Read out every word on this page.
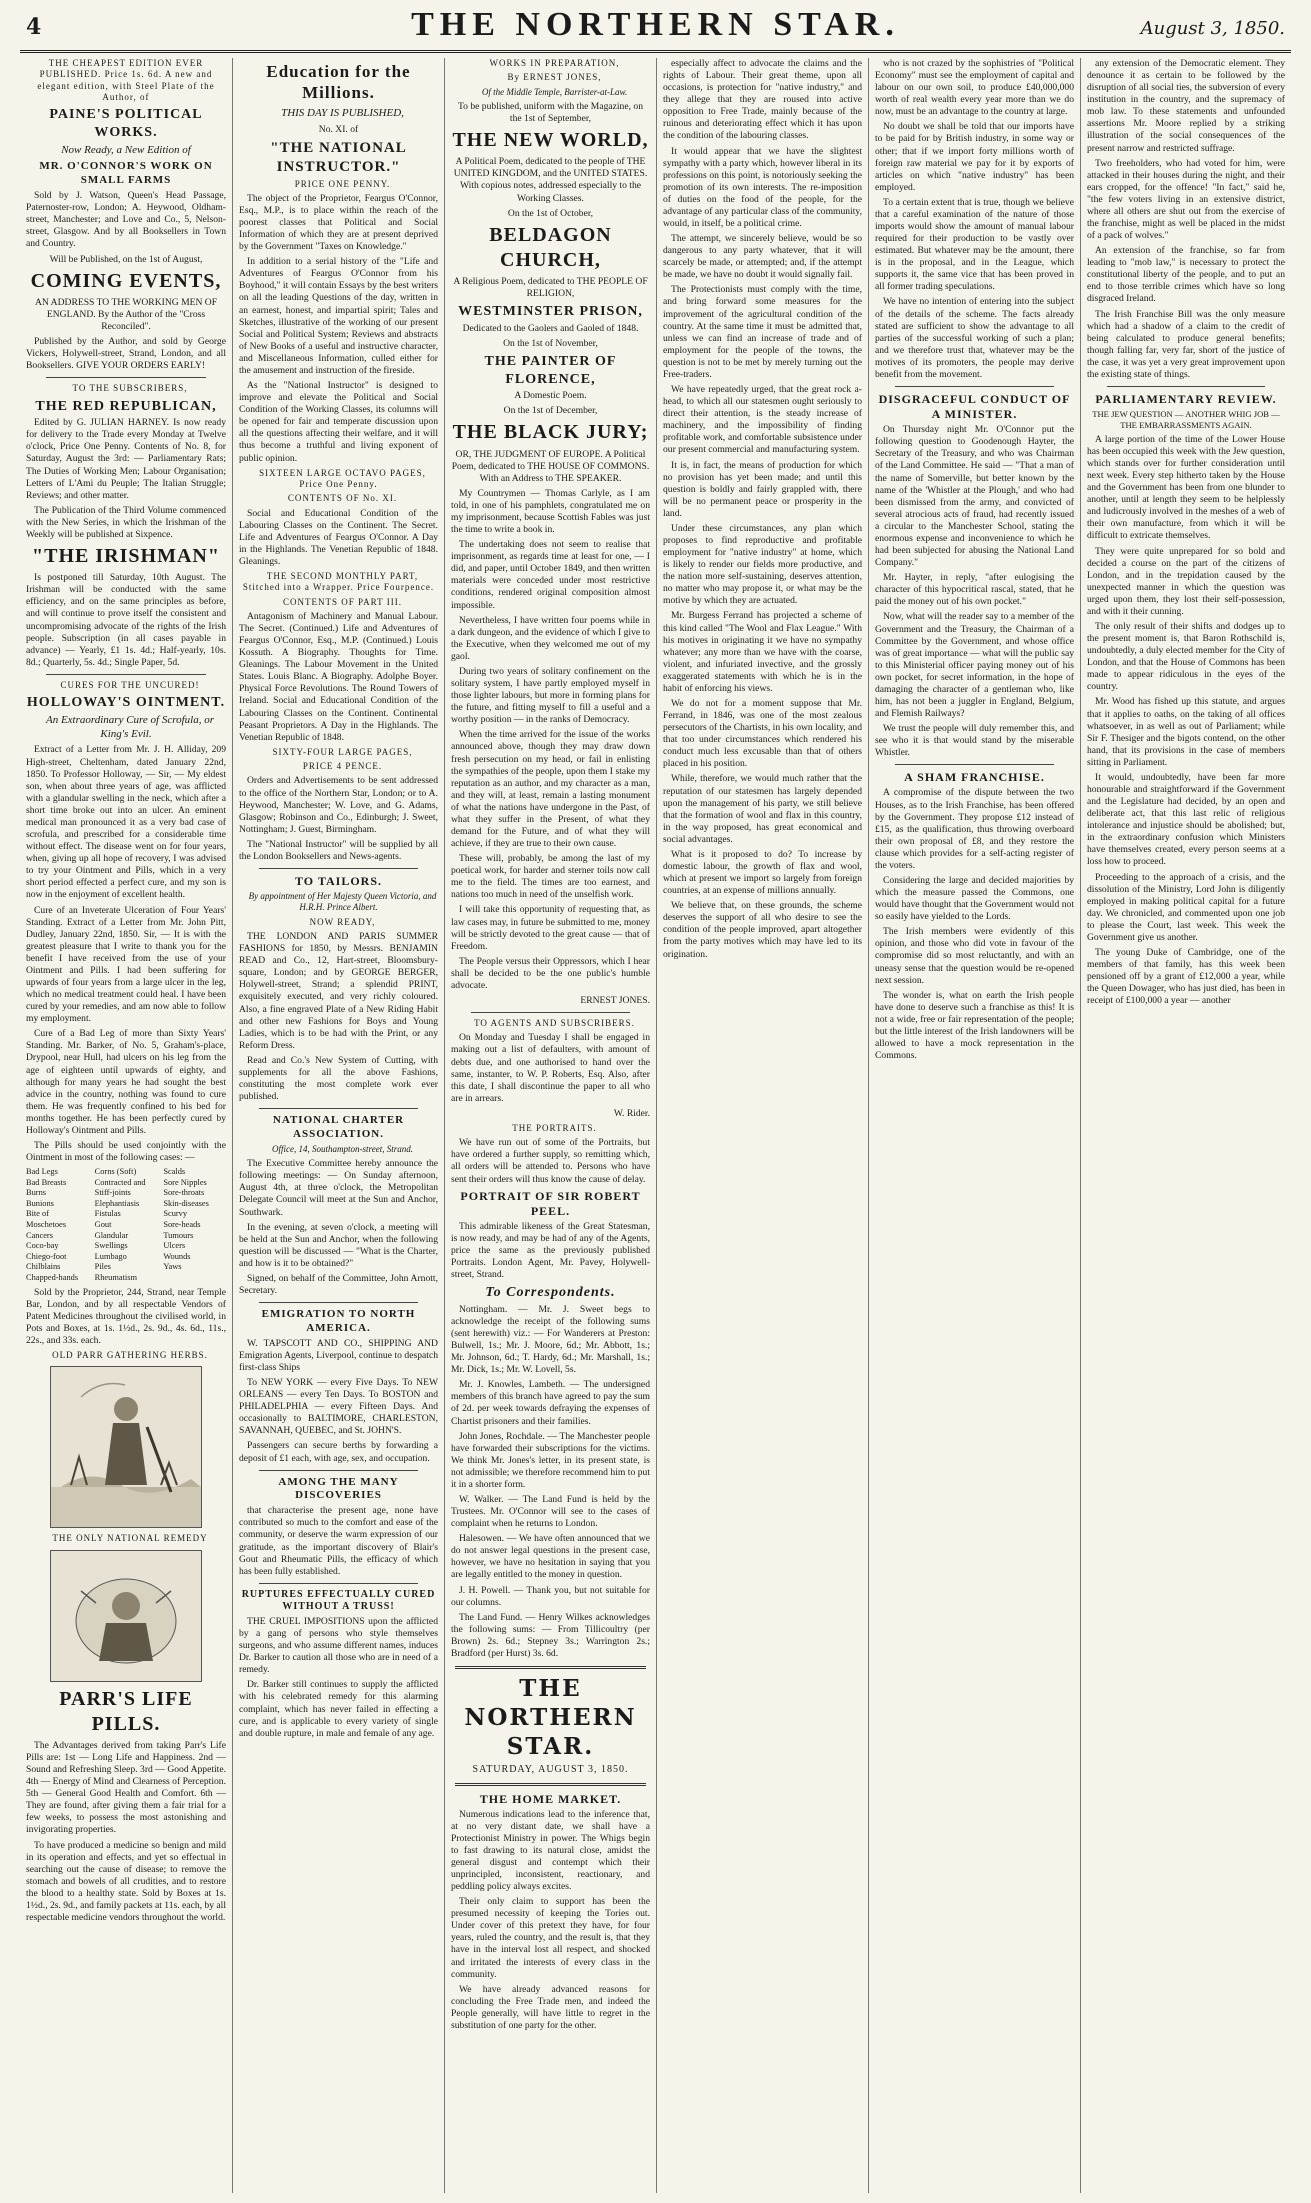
4	THE NORTHERN STAR.	August 3, 1850.

THE CHEAPEST EDITION EVER PUBLISHED. Price 1s. 6d. A new and elegant edition, with Steel Plate of the Author, of

PAINE'S POLITICAL WORKS.

Now Ready, a New Edition of

MR. O'CONNOR'S WORK ON SMALL FARMS

Sold by J. Watson, Queen's Head Passage, Paternoster-row, London; A. Heywood, Oldham-street, Manchester; and Love and Co., 5, Nelson-street, Glasgow. And by all Booksellers in Town and Country.

Will be Published, on the 1st of August,

COMING EVENTS,

AN ADDRESS TO THE WORKING MEN OF ENGLAND. By the Author of the "Cross Reconciled".

Published by the Author, and sold by George Vickers, Holywell-street, Strand, London, and all Booksellers. GIVE YOUR ORDERS EARLY!

TO THE SUBSCRIBERS,

THE RED REPUBLICAN,

Edited by G. JULIAN HARNEY. Is now ready for delivery to the Trade every Monday at Twelve o'clock, Price One Penny. Contents of No. 8, for Saturday, August the 3rd: — Parliamentary Rats; The Duties of Working Men; Labour Organisation; Letters of L'Ami du Peuple; The Italian Struggle; Reviews; and other matter.

The Publication of the Third Volume commenced with the New Series, in which the Irishman of the Weekly will be published at Sixpence.

"THE IRISHMAN"

Is postponed till Saturday, 10th August. The Irishman will be conducted with the same efficiency, and on the same principles as before, and will continue to prove itself the consistent and uncompromising advocate of the rights of the Irish people. Subscription (in all cases payable in advance) — Yearly, £1 1s. 4d.; Half-yearly, 10s. 8d.; Quarterly, 5s. 4d.; Single Paper, 5d.

CURES FOR THE UNCURED!

HOLLOWAY'S OINTMENT.

An Extraordinary Cure of Scrofula, or King's Evil.

Extract of a Letter from Mr. J. H. Alliday, 209 High-street, Cheltenham, dated January 22nd, 1850. To Professor Holloway, — Sir, — My eldest son, when about three years of age, was afflicted with a glandular swelling in the neck, which after a short time broke out into an ulcer. An eminent medical man pronounced it as a very bad case of scrofula, and prescribed for a considerable time without effect. The disease went on for four years, when, giving up all hope of recovery, I was advised to try your Ointment and Pills, which in a very short period effected a perfect cure, and my son is now in the enjoyment of excellent health.

Cure of an Inveterate Ulceration of Four Years' Standing. Extract of a Letter from Mr. John Pitt, Dudley, January 22nd, 1850. Sir, — It is with the greatest pleasure that I write to thank you for the benefit I have received from the use of your Ointment and Pills. I had been suffering for upwards of four years from a large ulcer in the leg, which no medical treatment could heal. I have been cured by your remedies, and am now able to follow my employment.

Cure of a Bad Leg of more than Sixty Years' Standing. Mr. Barker, of No. 5, Graham's-place, Drypool, near Hull, had ulcers on his leg from the age of eighteen until upwards of eighty, and although for many years he had sought the best advice in the country, nothing was found to cure them. He was frequently confined to his bed for months together. He has been perfectly cured by Holloway's Ointment and Pills.

The Pills should be used conjointly with the Ointment in most of the following cases: —

Bad Legs
Bad Breasts
Burns
Bunions
Bite of Moschetoes
Cancers
Coco-bay
Chiego-foot
Chilblains
Chapped-hands
Corns (Soft)
Contracted and Stiff-joints
Elephantiasis
Fistulas
Gout
Glandular Swellings
Lumbago
Piles
Rheumatism
Scalds
Sore Nipples
Sore-throats
Skin-diseases
Scurvy
Sore-heads
Tumours
Ulcers
Wounds
Yaws

Sold by the Proprietor, 244, Strand, near Temple Bar, London, and by all respectable Vendors of Patent Medicines throughout the civilised world, in Pots and Boxes, at 1s. 1½d., 2s. 9d., 4s. 6d., 11s., 22s., and 33s. each.

OLD PARR GATHERING HERBS.

THE ONLY NATIONAL REMEDY

PARR'S LIFE PILLS.

The Advantages derived from taking Parr's Life Pills are: 1st — Long Life and Happiness. 2nd — Sound and Refreshing Sleep. 3rd — Good Appetite. 4th — Energy of Mind and Clearness of Perception. 5th — General Good Health and Comfort. 6th — They are found, after giving them a fair trial for a few weeks, to possess the most astonishing and invigorating properties.

To have produced a medicine so benign and mild in its operation and effects, and yet so effectual in searching out the cause of disease; to remove the stomach and bowels of all crudities, and to restore the blood to a healthy state. Sold by Boxes at 1s. 1½d., 2s. 9d., and family packets at 11s. each, by all respectable medicine vendors throughout the world.

Education for the Millions.

THIS DAY IS PUBLISHED,

No. XI. of

"THE NATIONAL INSTRUCTOR."

PRICE ONE PENNY.

The object of the Proprietor, Feargus O'Connor, Esq., M.P., is to place within the reach of the poorest classes that Political and Social Information of which they are at present deprived by the Government "Taxes on Knowledge."

In addition to a serial history of the "Life and Adventures of Feargus O'Connor from his Boyhood," it will contain Essays by the best writers on all the leading Questions of the day, written in an earnest, honest, and impartial spirit; Tales and Sketches, illustrative of the working of our present Social and Political System; Reviews and abstracts of New Books of a useful and instructive character, and Miscellaneous Information, culled either for the amusement and instruction of the fireside.

As the "National Instructor" is designed to improve and elevate the Political and Social Condition of the Working Classes, its columns will be opened for fair and temperate discussion upon all the questions affecting their welfare, and it will thus become a truthful and living exponent of public opinion.

SIXTEEN LARGE OCTAVO PAGES, Price One Penny.

CONTENTS OF No. XI.

Social and Educational Condition of the Labouring Classes on the Continent. The Secret. Life and Adventures of Feargus O'Connor. A Day in the Highlands. The Venetian Republic of 1848. Gleanings.

THE SECOND MONTHLY PART, Stitched into a Wrapper. Price Fourpence.

CONTENTS OF PART III.

Antagonism of Machinery and Manual Labour. The Secret. (Continued.) Life and Adventures of Feargus O'Connor, Esq., M.P. (Continued.) Louis Kossuth. A Biography. Thoughts for Time. Gleanings. The Labour Movement in the United States. Louis Blanc. A Biography. Adolphe Boyer. Physical Force Revolutions. The Round Towers of Ireland. Social and Educational Condition of the Labouring Classes on the Continent. Continental Peasant Proprietors. A Day in the Highlands. The Venetian Republic of 1848.

SIXTY-FOUR LARGE PAGES,

PRICE 4 PENCE.

Orders and Advertisements to be sent addressed to the office of the Northern Star, London; or to A. Heywood, Manchester; W. Love, and G. Adams, Glasgow; Robinson and Co., Edinburgh; J. Sweet, Nottingham; J. Guest, Birmingham.

The "National Instructor" will be supplied by all the London Booksellers and News-agents.

TO TAILORS.

By appointment of Her Majesty Queen Victoria, and H.R.H. Prince Albert.

NOW READY,

THE LONDON AND PARIS SUMMER FASHIONS for 1850, by Messrs. BENJAMIN READ and Co., 12, Hart-street, Bloomsbury-square, London; and by GEORGE BERGER, Holywell-street, Strand; a splendid PRINT, exquisitely executed, and very richly coloured. Also, a fine engraved Plate of a New Riding Habit and other new Fashions for Boys and Young Ladies, which is to be had with the Print, or any Reform Dress.

Read and Co.'s New System of Cutting, with supplements for all the above Fashions, constituting the most complete work ever published.

NATIONAL CHARTER ASSOCIATION.

Office, 14, Southampton-street, Strand.

The Executive Committee hereby announce the following meetings: — On Sunday afternoon, August 4th, at three o'clock, the Metropolitan Delegate Council will meet at the Sun and Anchor, Southwark.

In the evening, at seven o'clock, a meeting will be held at the Sun and Anchor, when the following question will be discussed — "What is the Charter, and how is it to be obtained?"

Signed, on behalf of the Committee, John Arnott, Secretary.

EMIGRATION TO NORTH AMERICA.

W. TAPSCOTT AND CO., SHIPPING AND Emigration Agents, Liverpool, continue to despatch first-class Ships

To NEW YORK — every Five Days. To NEW ORLEANS — every Ten Days. To BOSTON and PHILADELPHIA — every Fifteen Days. And occasionally to BALTIMORE, CHARLESTON, SAVANNAH, QUEBEC, and St. JOHN'S.

Passengers can secure berths by forwarding a deposit of £1 each, with age, sex, and occupation.

AMONG THE MANY DISCOVERIES

that characterise the present age, none have contributed so much to the comfort and ease of the community, or deserve the warm expression of our gratitude, as the important discovery of Blair's Gout and Rheumatic Pills, the efficacy of which has been fully established.

RUPTURES EFFECTUALLY CURED WITHOUT A TRUSS!

THE CRUEL IMPOSITIONS upon the afflicted by a gang of persons who style themselves surgeons, and who assume different names, induces Dr. Barker to caution all those who are in need of a remedy.

Dr. Barker still continues to supply the afflicted with his celebrated remedy for this alarming complaint, which has never failed in effecting a cure, and is applicable to every variety of single and double rupture, in male and female of any age.

WORKS IN PREPARATION,

By ERNEST JONES,

Of the Middle Temple, Barrister-at-Law.

To be published, uniform with the Magazine, on the 1st of September,

THE NEW WORLD,

A Political Poem, dedicated to the people of THE UNITED KINGDOM, and the UNITED STATES. With copious notes, addressed especially to the Working Classes.

On the 1st of October,

BELDAGON CHURCH,

A Religious Poem, dedicated to THE PEOPLE OF RELIGION,

WESTMINSTER PRISON,

Dedicated to the Gaolers and Gaoled of 1848.

On the 1st of November,

THE PAINTER OF FLORENCE,

A Domestic Poem.

On the 1st of December,

THE BLACK JURY;

OR, THE JUDGMENT OF EUROPE. A Political Poem, dedicated to THE HOUSE OF COMMONS. With an Address to THE SPEAKER.

My Countrymen — Thomas Carlyle, as I am told, in one of his pamphlets, congratulated me on my imprisonment, because Scottish Fables was just the time to write a book in.

The undertaking does not seem to realise that imprisonment, as regards time at least for one, — I did, and paper, until October 1849, and then written materials were conceded under most restrictive conditions, rendered original composition almost impossible.

Nevertheless, I have written four poems while in a dark dungeon, and the evidence of which I give to the Executive, when they welcomed me out of my gaol.

During two years of solitary confinement on the solitary system, I have partly employed myself in those lighter labours, but more in forming plans for the future, and fitting myself to fill a useful and a worthy position — in the ranks of Democracy.

When the time arrived for the issue of the works announced above, though they may draw down fresh persecution on my head, or fail in enlisting the sympathies of the people, upon them I stake my reputation as an author, and my character as a man, and they will, at least, remain a lasting monument of what the nations have undergone in the Past, of what they suffer in the Present, of what they demand for the Future, and of what they will achieve, if they are true to their own cause.

These will, probably, be among the last of my poetical work, for harder and sterner toils now call me to the field. The times are too earnest, and nations too much in need of the unselfish work.

I will take this opportunity of requesting that, as law cases may, in future be submitted to me, money will be strictly devoted to the great cause — that of Freedom.

The People versus their Oppressors, which I hear shall be decided to be the one public's humble advocate.

ERNEST JONES.

TO AGENTS AND SUBSCRIBERS.

On Monday and Tuesday I shall be engaged in making out a list of defaulters, with amount of debts due, and one authorised to hand over the same, instanter, to W. P. Roberts, Esq. Also, after this date, I shall discontinue the paper to all who are in arrears.

W. Rider.

THE PORTRAITS.

We have run out of some of the Portraits, but have ordered a further supply, so remitting which, all orders will be attended to. Persons who have sent their orders will thus know the cause of delay.

PORTRAIT OF SIR ROBERT PEEL.

This admirable likeness of the Great Statesman, is now ready, and may be had of any of the Agents, price the same as the previously published Portraits. London Agent, Mr. Pavey, Holywell-street, Strand.

To Correspondents.

Nottingham. — Mr. J. Sweet begs to acknowledge the receipt of the following sums (sent herewith) viz.: — For Wanderers at Preston: Bulwell, 1s.; Mr. J. Moore, 6d.; Mr. Abbott, 1s.; Mr. Johnson, 6d.; T. Hardy, 6d.; Mr. Marshall, 1s.; Mr. Dick, 1s.; Mr. W. Lovell, 5s.

Mr. J. Knowles, Lambeth. — The undersigned members of this branch have agreed to pay the sum of 2d. per week towards defraying the expenses of Chartist prisoners and their families.

John Jones, Rochdale. — The Manchester people have forwarded their subscriptions for the victims. We think Mr. Jones's letter, in its present state, is not admissible; we therefore recommend him to put it in a shorter form.

W. Walker. — The Land Fund is held by the Trustees. Mr. O'Connor will see to the cases of complaint when he returns to London.

Halesowen. — We have often announced that we do not answer legal questions in the present case, however, we have no hesitation in saying that you are legally entitled to the money in question.

J. H. Powell. — Thank you, but not suitable for our columns.

The Land Fund. — Henry Wilkes acknowledges the following sums: — From Tillicoultry (per Brown) 2s. 6d.; Stepney 3s.; Warrington 2s.; Bradford (per Hurst) 3s. 6d.

THE NORTHERN STAR.
SATURDAY, AUGUST 3, 1850.
THE HOME MARKET.

Numerous indications lead to the inference that, at no very distant date, we shall have a Protectionist Ministry in power. The Whigs begin to fast drawing to its natural close, amidst the general disgust and contempt which their unprincipled, inconsistent, reactionary, and peddling policy always excites.

Their only claim to support has been the presumed necessity of keeping the Tories out. Under cover of this pretext they have, for four years, ruled the country, and the result is, that they have in the interval lost all respect, and shocked and irritated the interests of every class in the community.

We have already advanced reasons for concluding the Free Trade men, and indeed the People generally, will have little to regret in the substitution of one party for the other.

especially affect to advocate the claims and the rights of Labour. Their great theme, upon all occasions, is protection for "native industry," and they allege that they are roused into active opposition to Free Trade, mainly because of the ruinous and deteriorating effect which it has upon the condition of the labouring classes.

It would appear that we have the slightest sympathy with a party which, however liberal in its professions on this point, is notoriously seeking the promotion of its own interests. The re-imposition of duties on the food of the people, for the advantage of any particular class of the community, would, in itself, be a political crime.

The attempt, we sincerely believe, would be so dangerous to any party whatever, that it will scarcely be made, or attempted; and, if the attempt be made, we have no doubt it would signally fail.

The Protectionists must comply with the time, and bring forward some measures for the improvement of the agricultural condition of the country. At the same time it must be admitted that, unless we can find an increase of trade and of employment for the people of the towns, the question is not to be met by merely turning out the Free-traders.

We have repeatedly urged, that the great rock a-head, to which all our statesmen ought seriously to direct their attention, is the steady increase of machinery, and the impossibility of finding profitable work, and comfortable subsistence under our present commercial and manufacturing system.

It is, in fact, the means of production for which no provision has yet been made; and until this question is boldly and fairly grappled with, there will be no permanent peace or prosperity in the land.

Under these circumstances, any plan which proposes to find reproductive and profitable employment for "native industry" at home, which is likely to render our fields more productive, and the nation more self-sustaining, deserves attention, no matter who may propose it, or what may be the motive by which they are actuated.

Mr. Burgess Ferrand has projected a scheme of this kind called "The Wool and Flax League." With his motives in originating it we have no sympathy whatever; any more than we have with the coarse, violent, and infuriated invective, and the grossly exaggerated statements with which he is in the habit of enforcing his views.

We do not for a moment suppose that Mr. Ferrand, in 1846, was one of the most zealous persecutors of the Chartists, in his own locality, and that too under circumstances which rendered his conduct much less excusable than that of others placed in his position.

While, therefore, we would much rather that the reputation of our statesmen has largely depended upon the management of his party, we still believe that the formation of wool and flax in this country, in the way proposed, has great economical and social advantages.

What is it proposed to do? To increase by domestic labour, the growth of flax and wool, which at present we import so largely from foreign countries, at an expense of millions annually.

We believe that, on these grounds, the scheme deserves the support of all who desire to see the condition of the people improved, apart altogether from the party motives which may have led to its origination.

who is not crazed by the sophistries of "Political Economy" must see the employment of capital and labour on our own soil, to produce £40,000,000 worth of real wealth every year more than we do now, must be an advantage to the country at large.

No doubt we shall be told that our imports have to be paid for by British industry, in some way or other; that if we import forty millions worth of foreign raw material we pay for it by exports of articles on which "native industry" has been employed.

To a certain extent that is true, though we believe that a careful examination of the nature of those imports would show the amount of manual labour required for their production to be vastly over estimated. But whatever may be the amount, there is in the proposal, and in the League, which supports it, the same vice that has been proved in all former trading speculations.

We have no intention of entering into the subject of the details of the scheme. The facts already stated are sufficient to show the advantage to all parties of the successful working of such a plan; and we therefore trust that, whatever may be the motives of its promoters, the people may derive benefit from the movement.

DISGRACEFUL CONDUCT OF A MINISTER.

On Thursday night Mr. O'Connor put the following question to Goodenough Hayter, the Secretary of the Treasury, and who was Chairman of the Land Committee. He said — "That a man of the name of Somerville, but better known by the name of the 'Whistler at the Plough,' and who had been dismissed from the army, and convicted of several atrocious acts of fraud, had recently issued a circular to the Manchester School, stating the enormous expense and inconvenience to which he had been subjected for abusing the National Land Company."

Mr. Hayter, in reply, "after eulogising the character of this hypocritical rascal, stated, that he paid the money out of his own pocket."

Now, what will the reader say to a member of the Government and the Treasury, the Chairman of a Committee by the Government, and whose office was of great importance — what will the public say to this Ministerial officer paying money out of his own pocket, for secret information, in the hope of damaging the character of a gentleman who, like him, has not been a juggler in England, Belgium, and Flemish Railways?

We trust the people will duly remember this, and see who it is that would stand by the miserable Whistler.

A SHAM FRANCHISE.

A compromise of the dispute between the two Houses, as to the Irish Franchise, has been offered by the Government. They propose £12 instead of £15, as the qualification, thus throwing overboard their own proposal of £8, and they restore the clause which provides for a self-acting register of the voters.

Considering the large and decided majorities by which the measure passed the Commons, one would have thought that the Government would not so easily have yielded to the Lords.

The Irish members were evidently of this opinion, and those who did vote in favour of the compromise did so most reluctantly, and with an uneasy sense that the question would be re-opened next session.

The wonder is, what on earth the Irish people have done to deserve such a franchise as this! It is not a wide, free or fair representation of the people; but the little interest of the Irish landowners will be allowed to have a mock representation in the Commons.

any extension of the Democratic element. They denounce it as certain to be followed by the disruption of all social ties, the subversion of every institution in the country, and the supremacy of mob law. To these statements and unfounded assertions Mr. Moore replied by a striking illustration of the social consequences of the present narrow and restricted suffrage.

Two freeholders, who had voted for him, were attacked in their houses during the night, and their ears cropped, for the offence! "In fact," said he, "the few voters living in an extensive district, where all others are shut out from the exercise of the franchise, might as well be placed in the midst of a pack of wolves."

An extension of the franchise, so far from leading to "mob law," is necessary to protect the constitutional liberty of the people, and to put an end to those terrible crimes which have so long disgraced Ireland.

The Irish Franchise Bill was the only measure which had a shadow of a claim to the credit of being calculated to produce general benefits; though falling far, very far, short of the justice of the case, it was yet a very great improvement upon the existing state of things.

PARLIAMENTARY REVIEW.

THE JEW QUESTION — ANOTHER WHIG JOB — THE EMBARRASSMENTS AGAIN.

A large portion of the time of the Lower House has been occupied this week with the Jew question, which stands over for further consideration until next week. Every step hitherto taken by the House and the Government has been from one blunder to another, until at length they seem to be helplessly and ludicrously involved in the meshes of a web of their own manufacture, from which it will be difficult to extricate themselves.

They were quite unprepared for so bold and decided a course on the part of the citizens of London, and in the trepidation caused by the unexpected manner in which the question was urged upon them, they lost their self-possession, and with it their cunning.

The only result of their shifts and dodges up to the present moment is, that Baron Rothschild is, undoubtedly, a duly elected member for the City of London, and that the House of Commons has been made to appear ridiculous in the eyes of the country.

Mr. Wood has fished up this statute, and argues that it applies to oaths, on the taking of all offices whatsoever, in as well as out of Parliament; while Sir F. Thesiger and the bigots contend, on the other hand, that its provisions in the case of members sitting in Parliament.

It would, undoubtedly, have been far more honourable and straightforward if the Government and the Legislature had decided, by an open and deliberate act, that this last relic of religious intolerance and injustice should be abolished; but, in the extraordinary confusion which Ministers have themselves created, every person seems at a loss how to proceed.

Proceeding to the approach of a crisis, and the dissolution of the Ministry, Lord John is diligently employed in making political capital for a future day. We chronicled, and commented upon one job to please the Court, last week. This week the Government give us another.

The young Duke of Cambridge, one of the members of that family, has this week been pensioned off by a grant of £12,000 a year, while the Queen Dowager, who has just died, has been in receipt of £100,000 a year — another
